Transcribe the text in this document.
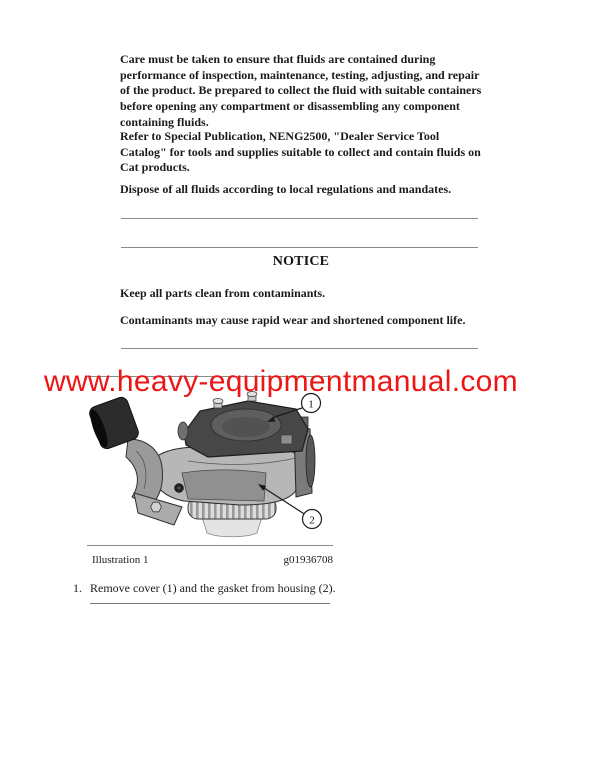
Care must be taken to ensure that fluids are contained during performance of inspection, maintenance, testing, adjusting, and repair of the product. Be prepared to collect the fluid with suitable containers before opening any compartment or disassembling any component containing fluids.
Refer to Special Publication, NENG2500, "Dealer Service Tool Catalog" for tools and supplies suitable to collect and contain fluids on Cat products.
Dispose of all fluids according to local regulations and mandates.
NOTICE
Keep all parts clean from contaminants.
Contaminants may cause rapid wear and shortened component life.
www.heavy-equipmentmanual.com
1
2
Illustration 1	g01936708
1. Remove cover (1) and the gasket from housing (2).
